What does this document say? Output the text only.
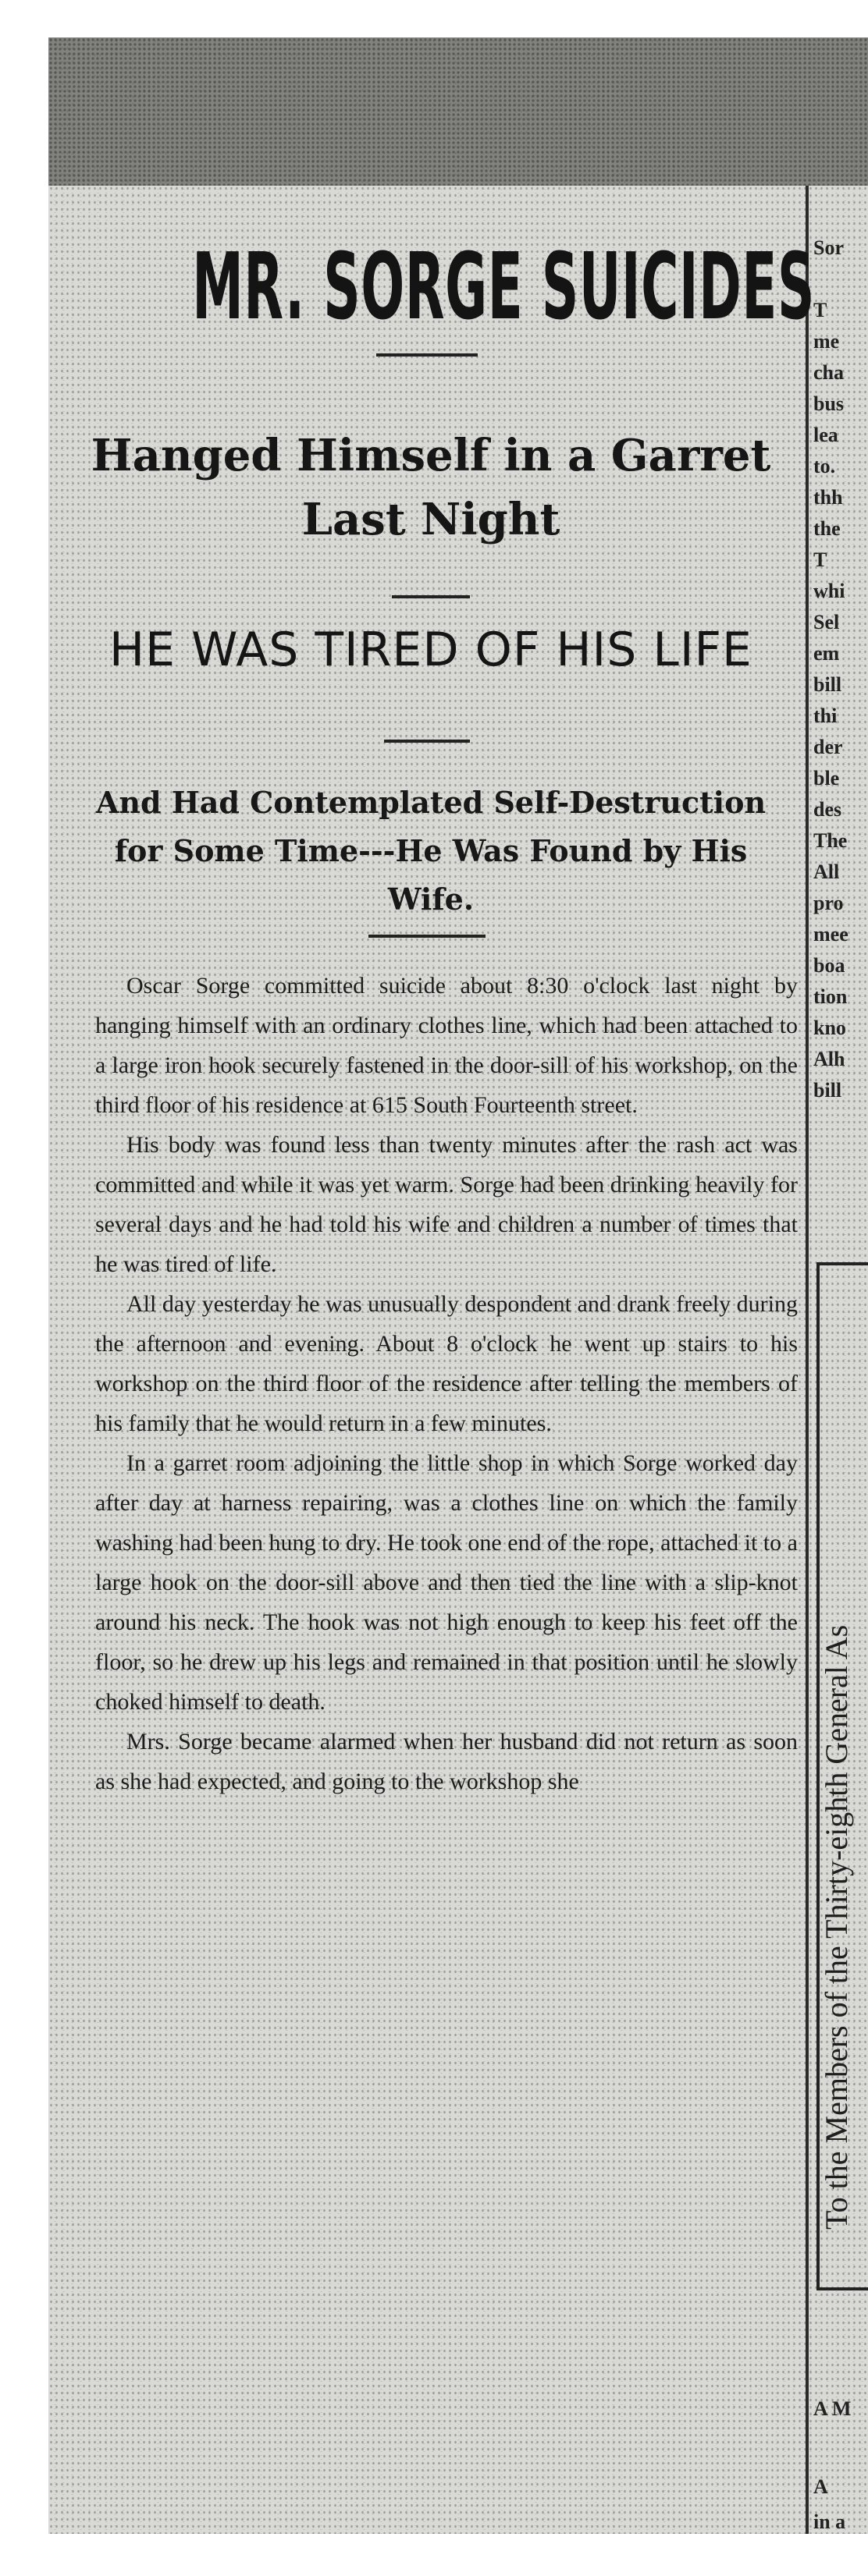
MR. SORGE SUICIDES
Hanged Himself in a Garret Last Night
HE WAS TIRED OF HIS LIFE
And Had Contemplated Self-Destruction for Some Time---He Was Found by His Wife.

Oscar Sorge committed suicide about 8:30 o'clock last night by hanging himself with an ordinary clothes line, which had been attached to a large iron hook securely fastened in the door-sill of his workshop, on the third floor of his residence at 615 South Fourteenth street.

His body was found less than twenty minutes after the rash act was committed and while it was yet warm. Sorge had been drinking heavily for several days and he had told his wife and children a number of times that he was tired of life.

All day yesterday he was unusually despondent and drank freely during the afternoon and evening. About 8 o'clock he went up stairs to his workshop on the third floor of the residence after telling the members of his family that he would return in a few minutes.

In a garret room adjoining the little shop in which Sorge worked day after day at harness repairing, was a clothes line on which the family washing had been hung to dry. He took one end of the rope, attached it to a large hook on the door-sill above and then tied the line with a slip-knot around his neck. The hook was not high enough to keep his feet off the floor, so he drew up his legs and remained in that position until he slowly choked himself to death.

Mrs. Sorge became alarmed when her husband did not return as soon as she had expected, and going to the workshop she

Sor
T
me
cha
bus
lea
to.
thh
the
T
whi
Sel
em
bill
thi
der
ble
des
The
All
pro
mee
boa
tion
kno
Alh
bill
To the Members of the Thirty-eighth General As
A M
A
in a
